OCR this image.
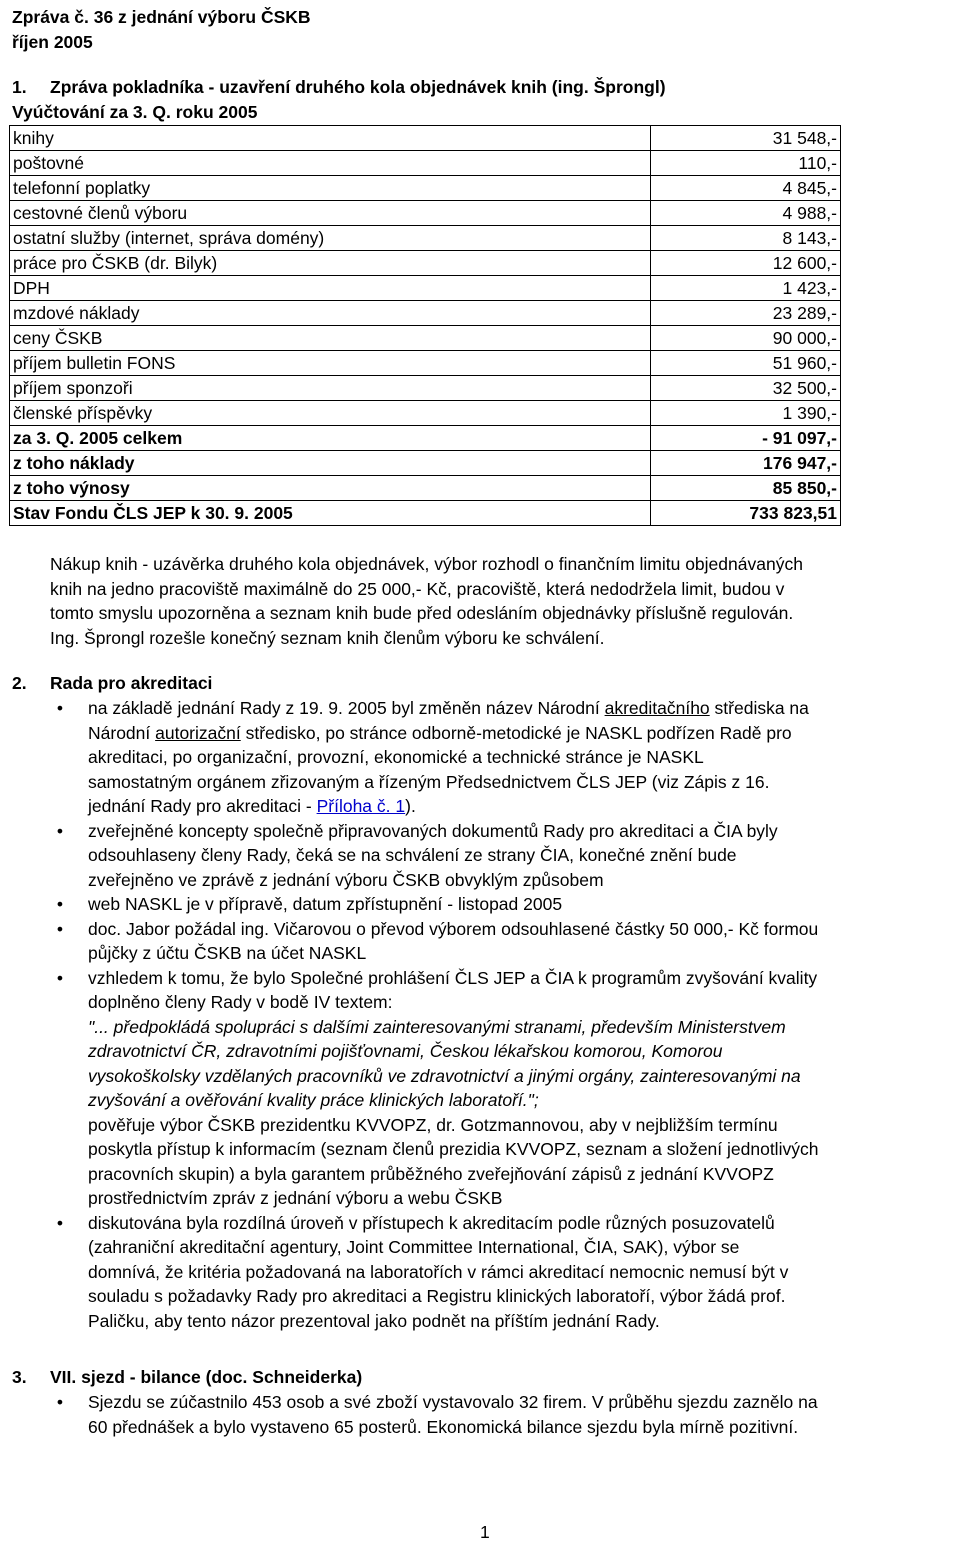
Zpráva č. 36 z jednání výboru ČSKB
říjen 2005
1. Zpráva pokladníka - uzavření druhého kola objednávek knih (ing. Šprongl)
Vyúčtování za 3. Q. roku 2005
knihy	31 548,-
poštovné	110,-
telefonní poplatky	4 845,-
cestovné členů výboru	4 988,-
ostatní služby (internet, správa domény)	8 143,-
práce pro ČSKB (dr. Bilyk)	12 600,-
DPH	1 423,-
mzdové náklady	23 289,-
ceny ČSKB	90 000,-
příjem bulletin FONS	51 960,-
příjem sponzoři	32 500,-
členské příspěvky	1 390,-
za 3. Q. 2005 celkem	- 91 097,-
z toho náklady	176 947,-
z toho výnosy	85 850,-
Stav Fondu ČLS JEP k 30. 9. 2005	733 823,51

Nákup knih - uzávěrka druhého kola objednávek, výbor rozhodl o finančním limitu objednávaných

knih na jedno pracoviště maximálně do 25 000,- Kč, pracoviště, která nedodržela limit, budou v

tomto smyslu upozorněna a seznam knih bude před odesláním objednávky příslušně regulován.

Ing. Šprongl rozešle konečný seznam knih členům výboru ke schválení.

2. Rada pro akreditaci
•	na základě jednání Rady z 19. 9. 2005 byl změněn název Národní akreditačního střediska na
Národní autorizační středisko, po stránce odborně-metodické je NASKL podřízen Radě pro
akreditaci, po organizační, provozní, ekonomické a technické stránce je NASKL
samostatným orgánem zřizovaným a řízeným Předsednictvem ČLS JEP (viz Zápis z 16.
jednání Rady pro akreditaci - Příloha č. 1).
•	zveřejněné koncepty společně připravovaných dokumentů Rady pro akreditaci a ČIA byly
odsouhlaseny členy Rady, čeká se na schválení ze strany ČIA, konečné znění bude
zveřejněno ve zprávě z jednání výboru ČSKB obvyklým způsobem
•	web NASKL je v přípravě, datum zpřístupnění - listopad 2005
•	doc. Jabor požádal ing. Vičarovou o převod výborem odsouhlasené částky 50 000,- Kč formou
půjčky z účtu ČSKB na účet NASKL
•	vzhledem k tomu, že bylo Společné prohlášení ČLS JEP a ČIA k programům zvyšování kvality
doplněno členy Rady v bodě IV textem:
"... předpokládá spolupráci s dalšími zainteresovanými stranami, především Ministerstvem
zdravotnictví ČR, zdravotními pojišťovnami, Českou lékařskou komorou, Komorou
vysokoškolsky vzdělaných pracovníků ve zdravotnictví a jinými orgány, zainteresovanými na
zvyšování a ověřování kvality práce klinických laboratoří.";
pověřuje výbor ČSKB prezidentku KVVOPZ, dr. Gotzmannovou, aby v nejbližším termínu
poskytla přístup k informacím (seznam členů prezidia KVVOPZ, seznam a složení jednotlivých
pracovních skupin) a byla garantem průběžného zveřejňování zápisů z jednání KVVOPZ
prostřednictvím zpráv z jednání výboru a webu ČSKB
•	diskutována byla rozdílná úroveň v přístupech k akreditacím podle různých posuzovatelů
(zahraniční akreditační agentury, Joint Committee International, ČIA, SAK), výbor se
domnívá, že kritéria požadovaná na laboratořích v rámci akreditací nemocnic nemusí být v
souladu s požadavky Rady pro akreditaci a Registru klinických laboratoří, výbor žádá prof.
Paličku, aby tento názor prezentoval jako podnět na příštím jednání Rady.
3. VII. sjezd - bilance (doc. Schneiderka)
•	Sjezdu se zúčastnilo 453 osob a své zboží vystavovalo 32 firem. V průběhu sjezdu zaznělo na
60 přednášek a bylo vystaveno 65 posterů. Ekonomická bilance sjezdu byla mírně pozitivní.
1
